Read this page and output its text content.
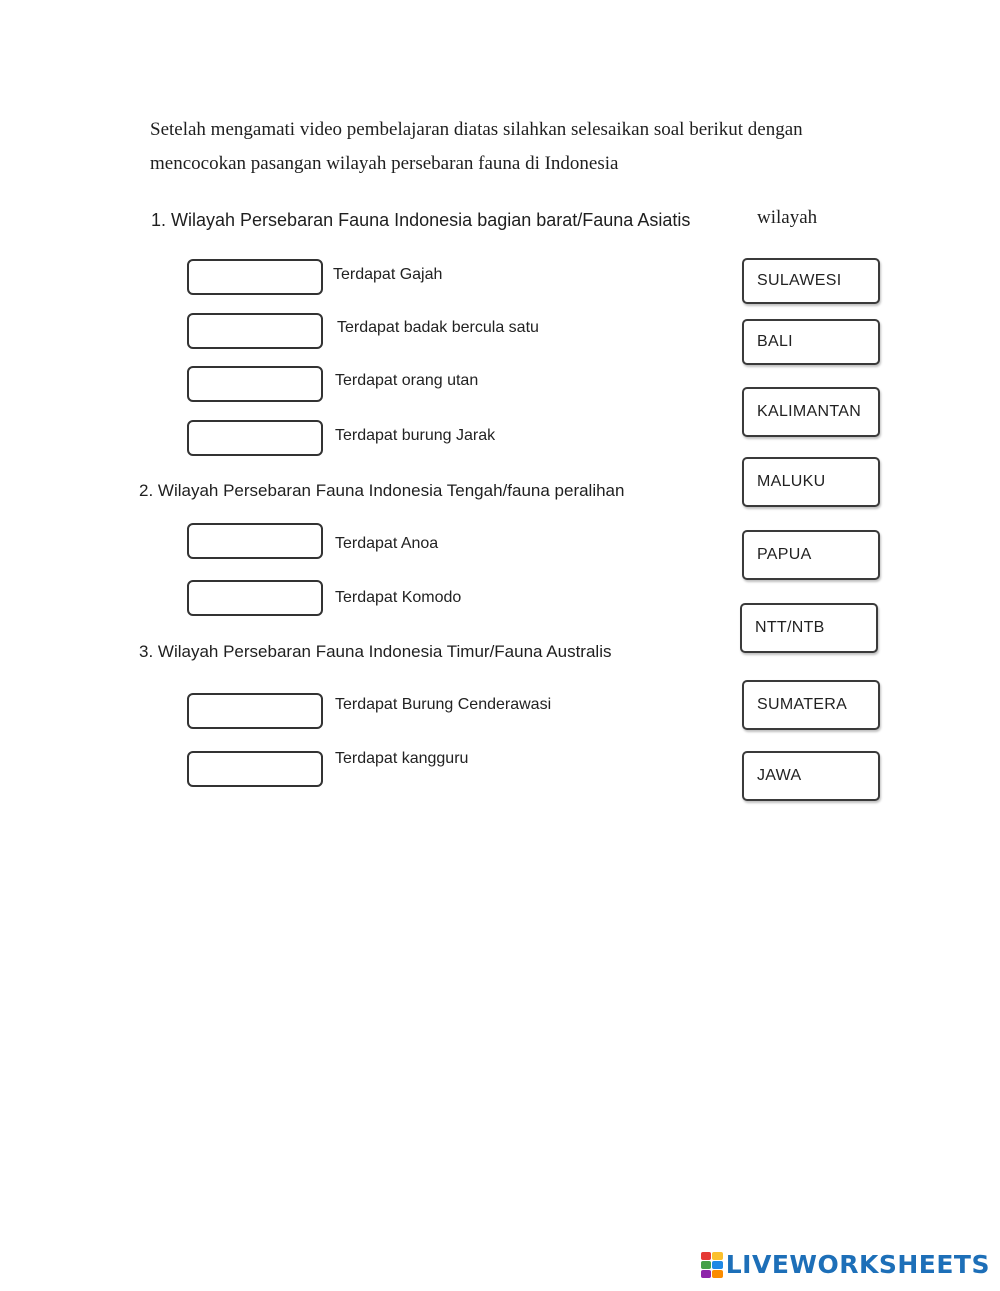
Setelah mengamati video pembelajaran diatas silahkan selesaikan soal berikut dengan
mencocokan pasangan wilayah persebaran fauna di Indonesia
wilayah
1. Wilayah Persebaran Fauna Indonesia bagian barat/Fauna Asiatis
Terdapat Gajah
Terdapat badak bercula satu
Terdapat orang utan
Terdapat burung Jarak
2. Wilayah Persebaran Fauna Indonesia Tengah/fauna peralihan
Terdapat Anoa
Terdapat Komodo
3. Wilayah Persebaran Fauna Indonesia Timur/Fauna Australis
Terdapat Burung Cenderawasi
Terdapat kangguru
SULAWESI
BALI
KALIMANTAN
MALUKU
PAPUA
NTT/NTB
SUMATERA
JAWA
LIVEWORKSHEETS
